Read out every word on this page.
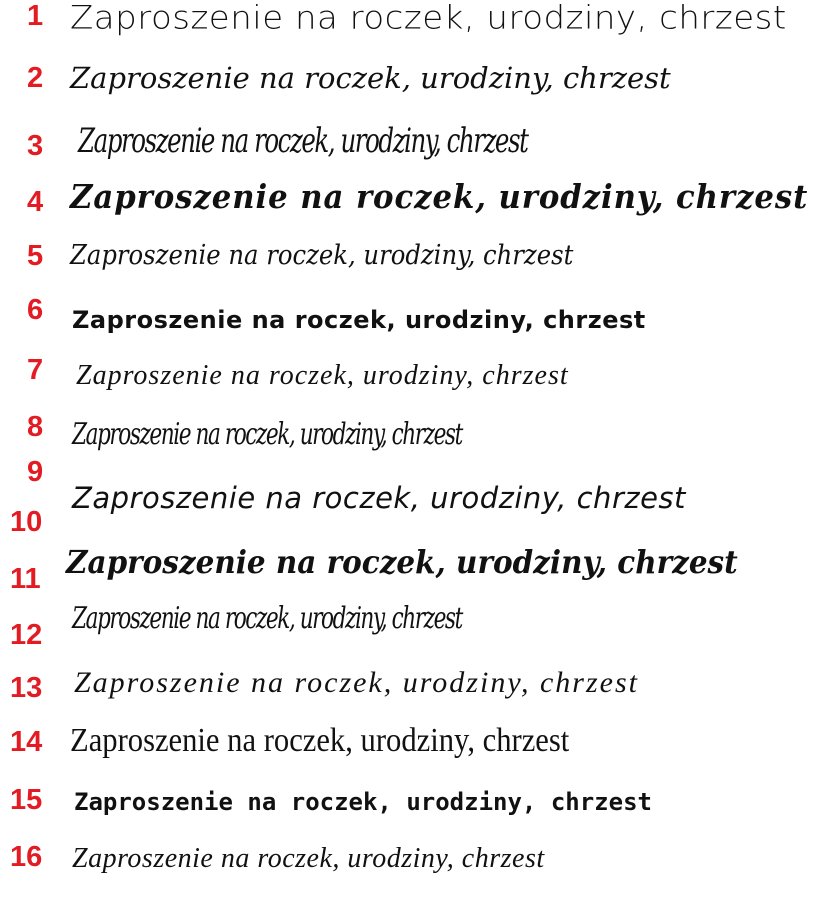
1
2
3
4
5
6
7
8
9
10
11
12
13
14
15
16
Zaproszenie na roczek, urodziny, chrzest
Zaproszenie na roczek, urodziny, chrzest
Zaproszenie na roczek, urodziny, chrzest
Zaproszenie na roczek, urodziny, chrzest
Zaproszenie na roczek, urodziny, chrzest
Zaproszenie na roczek, urodziny, chrzest
Zaproszenie na roczek, urodziny, chrzest
Zaproszenie na roczek, urodziny, chrzest
Zaproszenie na roczek, urodziny, chrzest
Zaproszenie na roczek, urodziny, chrzest
Zaproszenie na roczek, urodziny, chrzest
Zaproszenie na roczek, urodziny, chrzest
Zaproszenie na roczek, urodziny, chrzest
Zaproszenie na roczek, urodziny, chrzest
Zaproszenie na roczek, urodziny, chrzest
